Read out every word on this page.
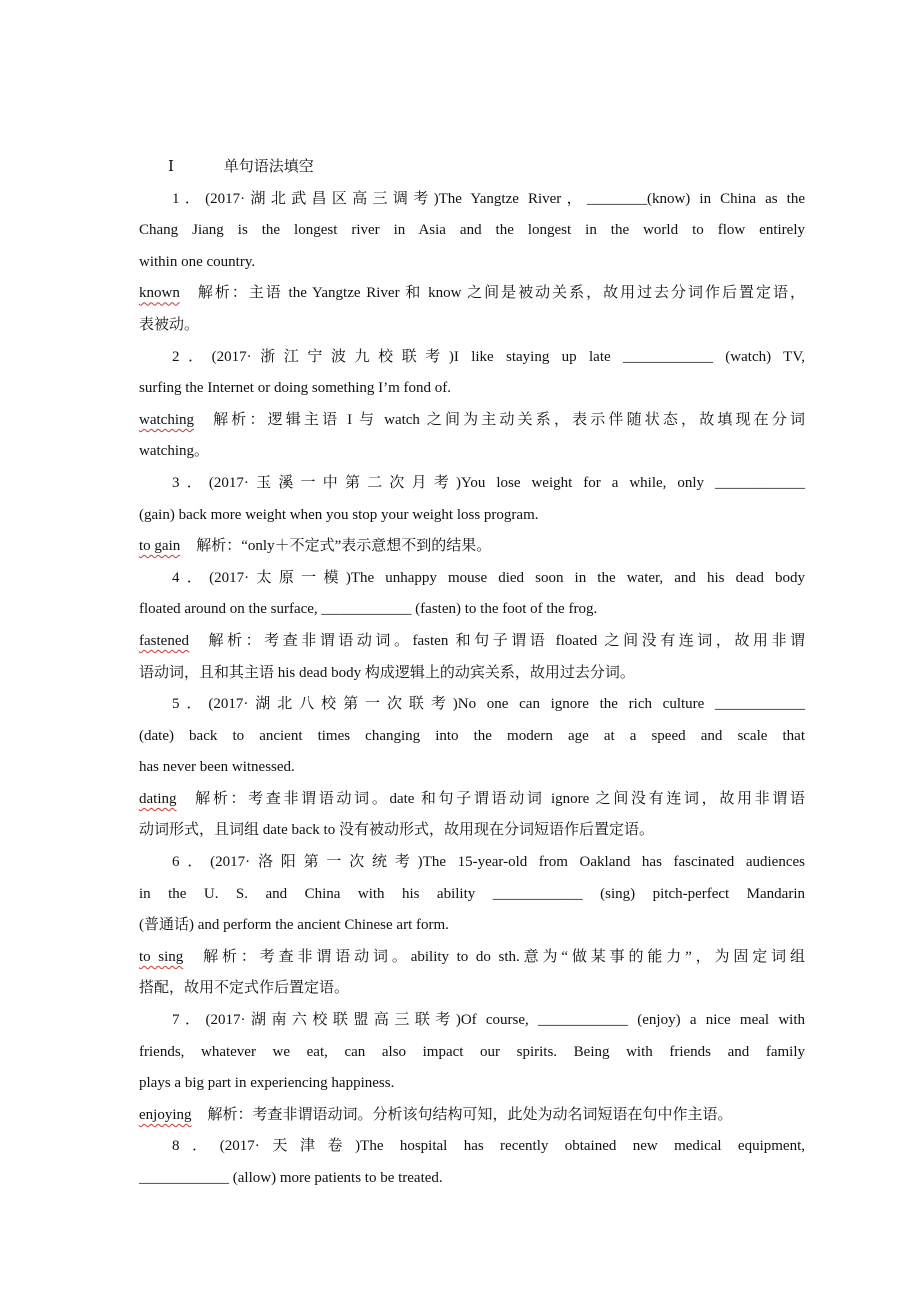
Ⅰ	单句语法填空
1．(2017·湖北武昌区高三调考)The Yangtze River，________(know) in China as the
Chang Jiang is the longest river in Asia and the longest in the world to flow entirely
within one country.
known 解析：主语 the Yangtze River 和 know 之间是被动关系，故用过去分词作后置定语，
表被动。
2．(2017·浙江宁波九校联考)I like staying up late ____________ (watch) TV,
surfing the Internet or doing something I’m fond of.
watching 解析：逻辑主语 I 与 watch 之间为主动关系，表示伴随状态，故填现在分词
watching。
3．(2017·玉溪一中第二次月考)You lose weight for a while, only ____________
(gain) back more weight when you stop your weight loss program.
to gain 解析：“only＋不定式”表示意想不到的结果。
4．(2017·太原一模)The unhappy mouse died soon in the water, and his dead body
floated around on the surface, ____________ (fasten) to the foot of the frog.
fastened 解析：考查非谓语动词。fasten 和句子谓语 floated 之间没有连词，故用非谓
语动词，且和其主语 his dead body 构成逻辑上的动宾关系，故用过去分词。
5．(2017·湖北八校第一次联考)No one can ignore the rich culture ____________
(date) back to ancient times changing into the modern age at a speed and scale that
has never been witnessed.
dating 解析：考查非谓语动词。date 和句子谓语动词 ignore 之间没有连词，故用非谓语
动词形式，且词组 date back to 没有被动形式，故用现在分词短语作后置定语。
6．(2017·洛阳第一次统考)The 15-year-old from Oakland has fascinated audiences
in the U. S. and China with his ability ____________ (sing) pitch-perfect Mandarin
(普通话) and perform the ancient Chinese art form.
to sing 解析：考查非谓语动词。ability to do sth.意为“做某事的能力”，为固定词组
搭配，故用不定式作后置定语。
7．(2017·湖南六校联盟高三联考)Of course, ____________ (enjoy) a nice meal with
friends, whatever we eat, can also impact our spirits. Being with friends and family
plays a big part in experiencing happiness.
enjoying 解析：考查非谓语动词。分析该句结构可知，此处为动名词短语在句中作主语。
8．(2017·天津卷)The hospital has recently obtained new medical equipment,
____________ (allow) more patients to be treated.
